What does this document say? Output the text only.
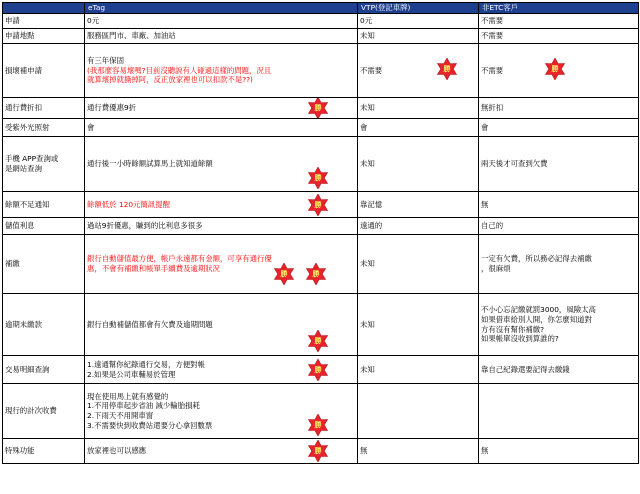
	eTag	VTP(登記車牌)	非ETC客戶
申請	0元	0元	不需要
申請地點	服務區門市、車廠、加油站	未知	不需要
損壞補申請	有三年保固
(我那麼容易壞嗎?目前沒聽說有人碰過這樣的問題，況且
就算壞掉就撕掉阿，反正放家裡也可以扣款不是??)	不需要 勝	不需要 勝

通行費折扣	通行費優惠9折 勝	未知	無折扣
受紫外光照射	會	會	會

手機 APP查詢或
是網站查詢	通行後一小時餘額試算馬上就知道餘額
勝	未知	兩天後才可查到欠費
餘額不足通知	餘額低於 120元簡訊提醒 勝	靠記憶	無
儲值利息	過站9折優惠，賺到的比利息多很多	遠通的	自己的
補繳	銀行自動儲值最方便，帳戶永遠都有金額，可享有通行優
惠，不會有補繳和帳單手續費及逾期狀況
勝 勝	未知	一定有欠費，所以務必記得去補繳
，很麻煩

逾期未繳款	銀行自動補儲值都會有欠費及逾期問題
勝	未知	不小心忘記繳就罰3000，風險太高
如果借車給別人開，你怎麼知道對
方有沒有幫你補繳?
如果帳單沒收到算誰的?

交易明細查詢	1.遠通幫你紀錄通行交易，方便對帳
2.如果是公司車輔易於管理 勝	未知	靠自己紀錄還要記得去繳錢
現行的計次收費	現在使用馬上就有感覺的
1.不用停車起步省油 減少輪胎損耗
2.下雨天不用開車窗
3.不需要快到收費站還要分心拿回數票 勝		

特殊功能	放家裡也可以感應 勝	無	無
